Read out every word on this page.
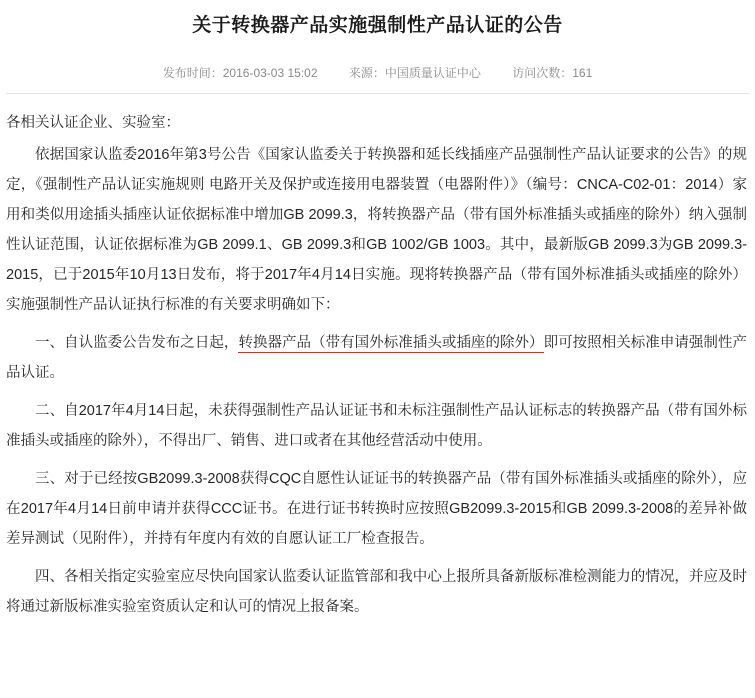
关于转换器产品实施强制性产品认证的公告
发布时间：2016-03-03 15:02	来源：中国质量认证中心	访问次数：161

各相关认证企业、实验室：

依据国家认监委2016年第3号公告《国家认监委关于转换器和延长线插座产品强制性产品认证要求的公告》的规定，《强制性产品认证实施规则 电路开关及保护或连接用电器装置（电器附件）》（编号：CNCA-C02-01：2014）家用和类似用途插头插座认证依据标准中增加GB 2099.3，将转换器产品（带有国外标准插头或插座的除外）纳入强制性认证范围，认证依据标准为GB 2099.1、GB 2099.3和GB 1002/GB 1003。其中，最新版GB 2099.3为GB 2099.3-2015，已于2015年10月13日发布，将于2017年4月14日实施。现将转换器产品（带有国外标准插头或插座的除外）实施强制性产品认证执行标准的有关要求明确如下：

一、自认监委公告发布之日起，转换器产品（带有国外标准插头或插座的除外）即可按照相关标准申请强制性产品认证。

二、自2017年4月14日起，未获得强制性产品认证证书和未标注强制性产品认证标志的转换器产品（带有国外标准插头或插座的除外），不得出厂、销售、进口或者在其他经营活动中使用。

三、对于已经按GB2099.3-2008获得CQC自愿性认证证书的转换器产品（带有国外标准插头或插座的除外），应在2017年4月14日前申请并获得CCC证书。在进行证书转换时应按照GB2099.3-2015和GB 2099.3-2008的差异补做差异测试（见附件），并持有年度内有效的自愿认证工厂检查报告。

四、各相关指定实验室应尽快向国家认监委认证监管部和我中心上报所具备新版标准检测能力的情况，并应及时将通过新版标准实验室资质认定和认可的情况上报备案。
